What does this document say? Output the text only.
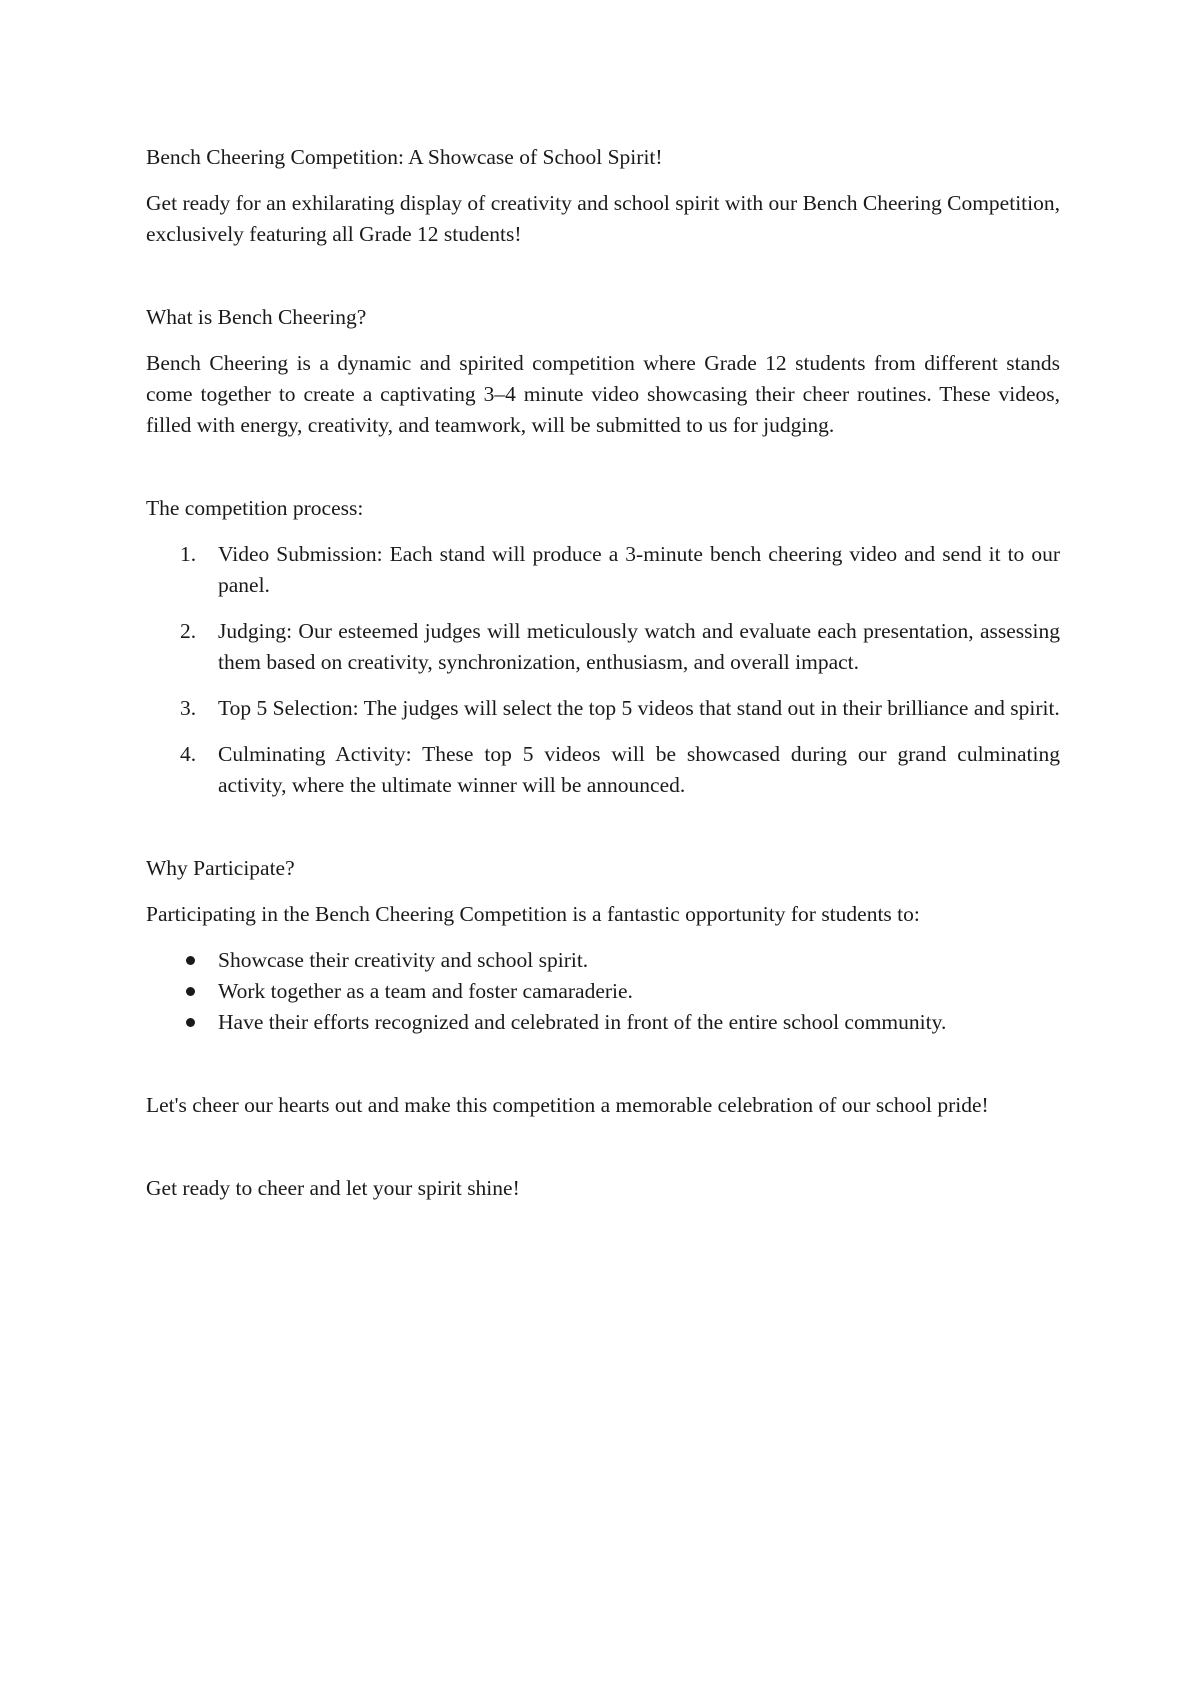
Bench Cheering Competition: A Showcase of School Spirit!

Get ready for an exhilarating display of creativity and school spirit with our Bench Cheering Competition, exclusively featuring all Grade 12 students!

What is Bench Cheering?

Bench Cheering is a dynamic and spirited competition where Grade 12 students from different stands come together to create a captivating 3–4 minute video showcasing their cheer routines. These videos, filled with energy, creativity, and teamwork, will be submitted to us for judging.

The competition process:

1. Video Submission: Each stand will produce a 3-minute bench cheering video and send it to our panel.
2. Judging: Our esteemed judges will meticulously watch and evaluate each presentation, assessing them based on creativity, synchronization, enthusiasm, and overall impact.
3. Top 5 Selection: The judges will select the top 5 videos that stand out in their brilliance and spirit.
4. Culminating Activity: These top 5 videos will be showcased during our grand culminating activity, where the ultimate winner will be announced.

Why Participate?

Participating in the Bench Cheering Competition is a fantastic opportunity for students to:

Showcase their creativity and school spirit.
Work together as a team and foster camaraderie.
Have their efforts recognized and celebrated in front of the entire school community.

Let's cheer our hearts out and make this competition a memorable celebration of our school pride!

Get ready to cheer and let your spirit shine!
